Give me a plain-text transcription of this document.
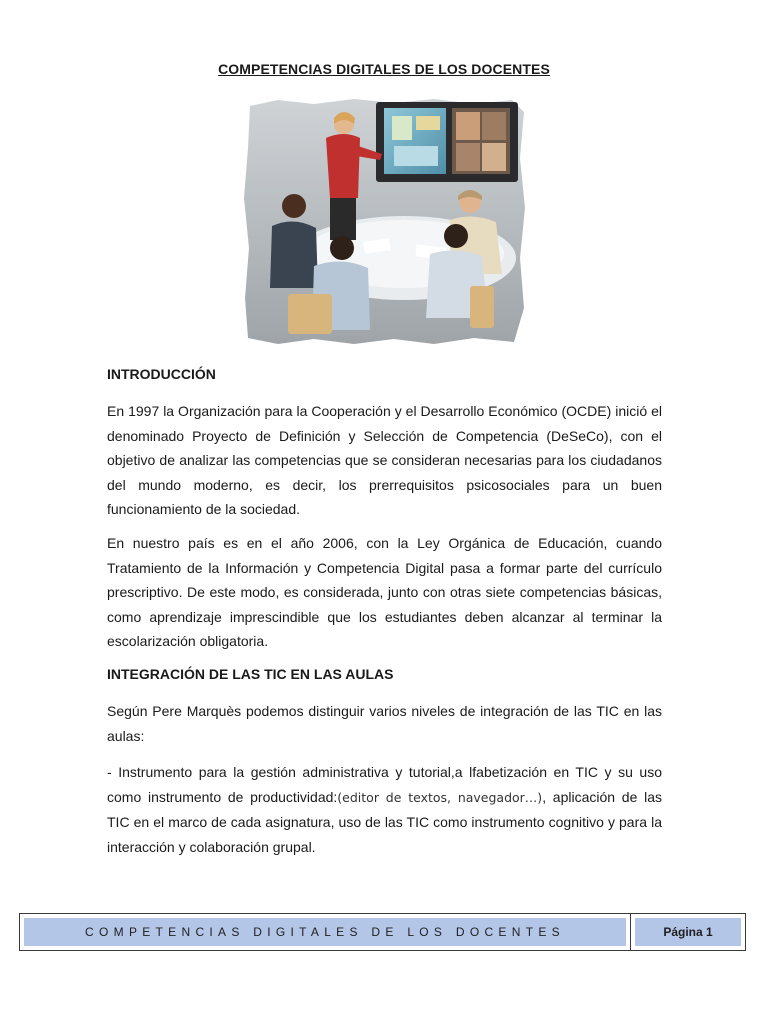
COMPETENCIAS DIGITALES DE LOS DOCENTES
INTRODUCCIÓN
En 1997 la Organización para la Cooperación y el Desarrollo Económico (OCDE) inició el denominado Proyecto de Definición y Selección de Competencia (DeSeCo), con el objetivo de analizar las competencias que se consideran necesarias para los ciudadanos del mundo moderno, es decir, los prerrequisitos psicosociales para un buen funcionamiento de la sociedad.
En nuestro país es en el año 2006, con la Ley Orgánica de Educación, cuando Tratamiento de la Información y Competencia Digital pasa a formar parte del currículo prescriptivo. De este modo, es considerada, junto con otras siete competencias básicas, como aprendizaje imprescindible que los estudiantes deben alcanzar al terminar la escolarización obligatoria.
INTEGRACIÓN DE LAS TIC EN LAS AULAS
Según Pere Marquès podemos distinguir varios niveles de integración de las TIC en las aulas:
- Instrumento para la gestión administrativa y tutorial,a lfabetización en TIC y su uso como instrumento de productividad:(editor de textos, navegador…), aplicación de las TIC en el marco de cada asignatura, uso de las TIC como instrumento cognitivo y para la interacción y colaboración grupal.
COMPETENCIAS DIGITALES DE LOS DOCENTES	Página 1
